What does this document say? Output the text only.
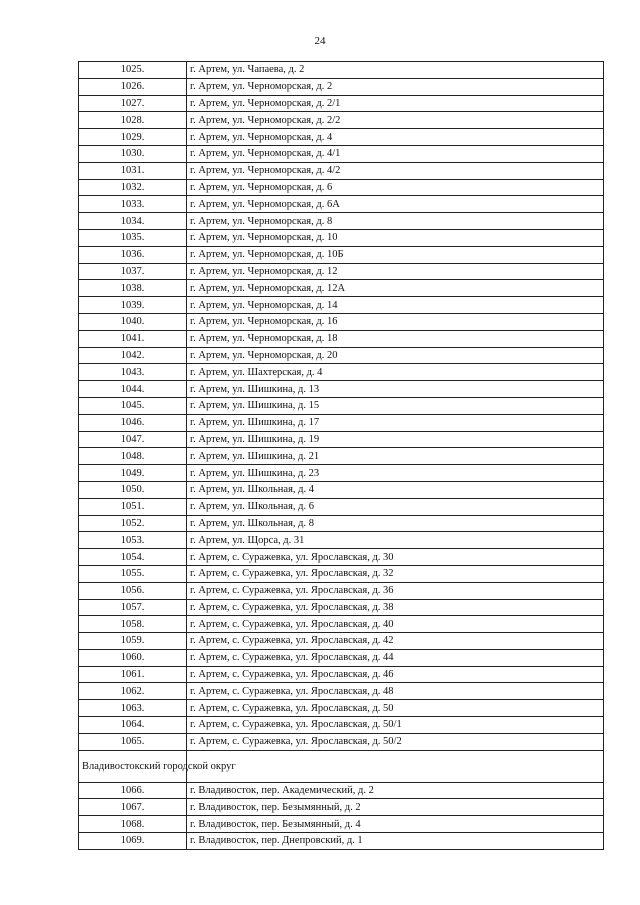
24
1025.	г. Артем, ул. Чапаева, д. 2
1026.	г. Артем, ул. Черноморская, д. 2
1027.	г. Артем, ул. Черноморская, д. 2/1
1028.	г. Артем, ул. Черноморская, д. 2/2
1029.	г. Артем, ул. Черноморская, д. 4
1030.	г. Артем, ул. Черноморская, д. 4/1
1031.	г. Артем, ул. Черноморская, д. 4/2
1032.	г. Артем, ул. Черноморская, д. 6
1033.	г. Артем, ул. Черноморская, д. 6А
1034.	г. Артем, ул. Черноморская, д. 8
1035.	г. Артем, ул. Черноморская, д. 10
1036.	г. Артем, ул. Черноморская, д. 10Б
1037.	г. Артем, ул. Черноморская, д. 12
1038.	г. Артем, ул. Черноморская, д. 12А
1039.	г. Артем, ул. Черноморская, д. 14
1040.	г. Артем, ул. Черноморская, д. 16
1041.	г. Артем, ул. Черноморская, д. 18
1042.	г. Артем, ул. Черноморская, д. 20
1043.	г. Артем, ул. Шахтерская, д. 4
1044.	г. Артем, ул. Шишкина, д. 13
1045.	г. Артем, ул. Шишкина, д. 15
1046.	г. Артем, ул. Шишкина, д. 17
1047.	г. Артем, ул. Шишкина, д. 19
1048.	г. Артем, ул. Шишкина, д. 21
1049.	г. Артем, ул. Шишкина, д. 23
1050.	г. Артем, ул. Школьная, д. 4
1051.	г. Артем, ул. Школьная, д. 6
1052.	г. Артем, ул. Школьная, д. 8
1053.	г. Артем, ул. Щорса, д. 31
1054.	г. Артем, с. Суражевка, ул. Ярославская, д. 30
1055.	г. Артем, с. Суражевка, ул. Ярославская, д. 32
1056.	г. Артем, с. Суражевка, ул. Ярославская, д. 36
1057.	г. Артем, с. Суражевка, ул. Ярославская, д. 38
1058.	г. Артем, с. Суражевка, ул. Ярославская, д. 40
1059.	г. Артем, с. Суражевка, ул. Ярославская, д. 42
1060.	г. Артем, с. Суражевка, ул. Ярославская, д. 44
1061.	г. Артем, с. Суражевка, ул. Ярославская, д. 46
1062.	г. Артем, с. Суражевка, ул. Ярославская, д. 48
1063.	г. Артем, с. Суражевка, ул. Ярославская, д. 50
1064.	г. Артем, с. Суражевка, ул. Ярославская, д. 50/1
1065.	г. Артем, с. Суражевка, ул. Ярославская, д. 50/2
Владивостокский городской округ	
1066.	г. Владивосток, пер. Академический, д. 2
1067.	г. Владивосток, пер. Безымянный, д. 2
1068.	г. Владивосток, пер. Безымянный, д. 4
1069.	г. Владивосток, пер. Днепровский, д. 1
